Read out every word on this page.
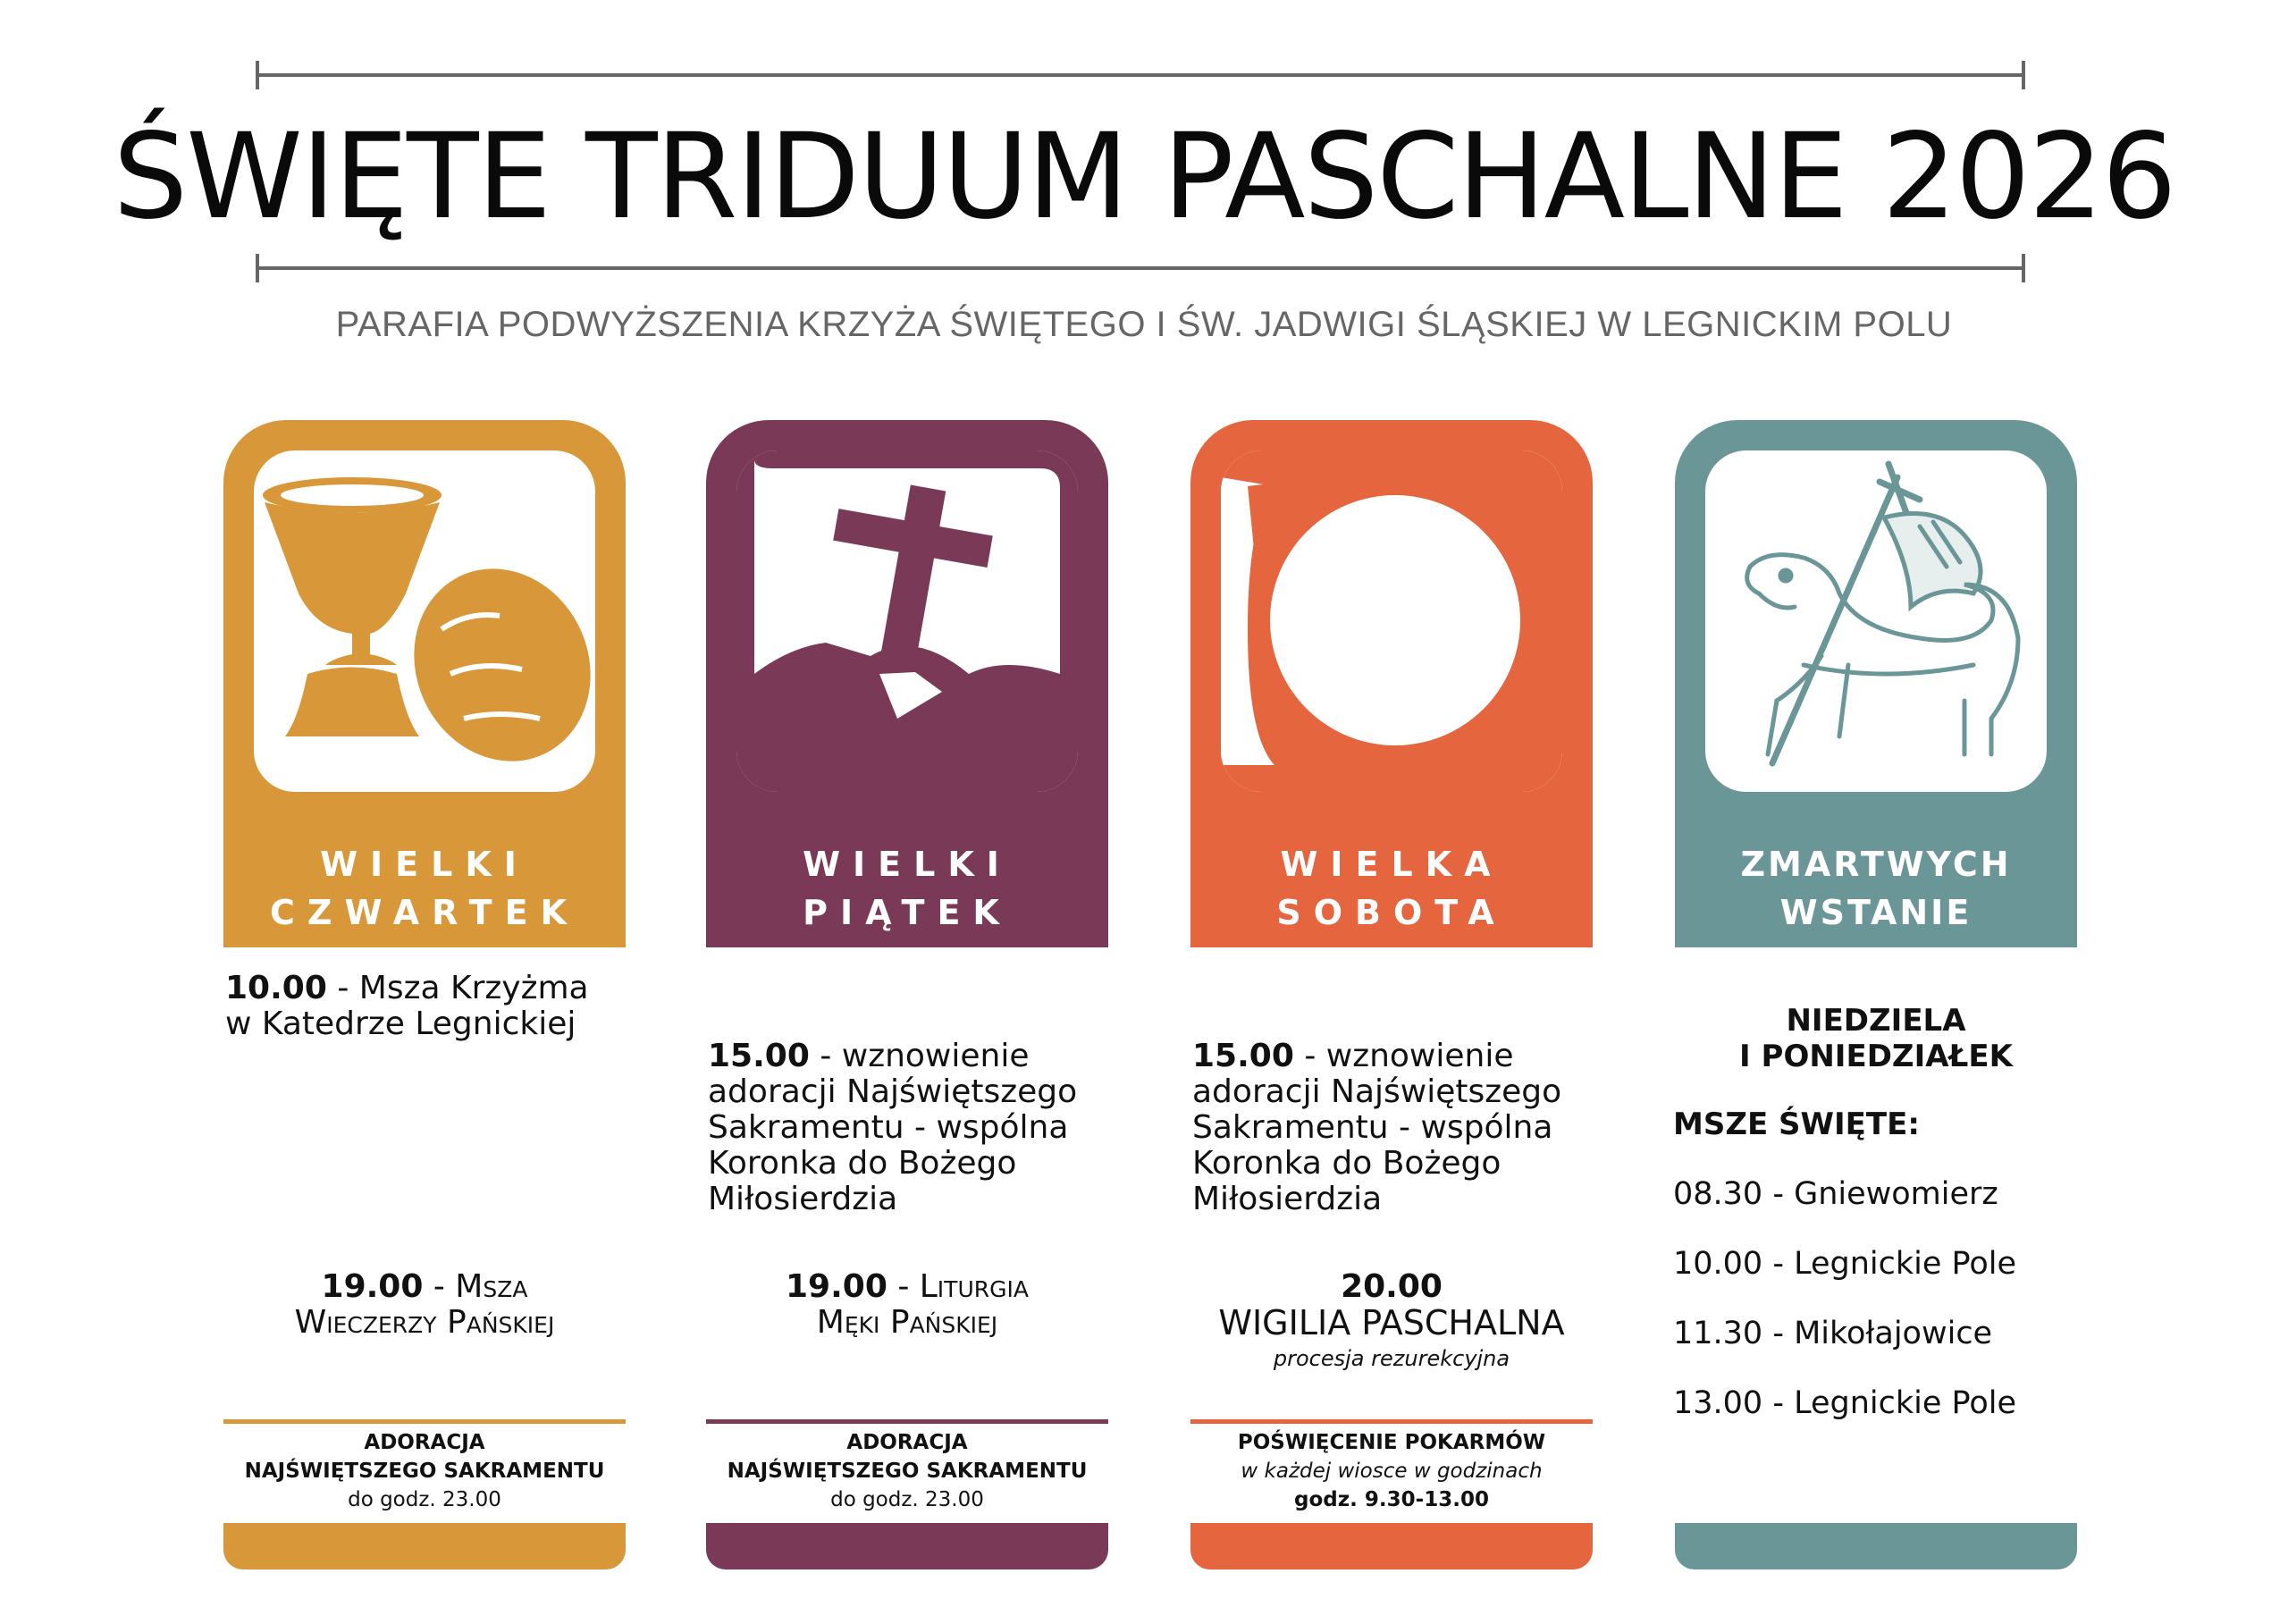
ŚWIĘTE TRIDUUM PASCHALNE 2026
PARAFIA PODWYŻSZENIA KRZYŻA ŚWIĘTEGO I ŚW. JADWIGI ŚLĄSKIEJ W LEGNICKIM POLU
WIELKI
CZWARTEK
WIELKI
PIĄTEK
WIELKA
SOBOTA
ZMARTWYCH
WSTANIE
10.00 - Msza Krzyżma
w Katedrze Legnickiej
19.00 - Msza
Wieczerzy Pańskiej
ADORACJA
NAJŚWIĘTSZEGO SAKRAMENTU
do godz. 23.00
15.00 - wznowienie
adoracji Najświętszego
Sakramentu - wspólna
Koronka do Bożego
Miłosierdzia
19.00 - Liturgia
Męki Pańskiej
ADORACJA
NAJŚWIĘTSZEGO SAKRAMENTU
do godz. 23.00
15.00 - wznowienie
adoracji Najświętszego
Sakramentu - wspólna
Koronka do Bożego
Miłosierdzia
20.00
WIGILIA PASCHALNA
procesja rezurekcyjna
POŚWIĘCENIE POKARMÓW
w każdej wiosce w godzinach
godz. 9.30-13.00
NIEDZIELA
I PONIEDZIAŁEK
MSZE ŚWIĘTE:
08.30 - Gniewomierz
10.00 - Legnickie Pole
11.30 - Mikołajowice
13.00 - Legnickie Pole
